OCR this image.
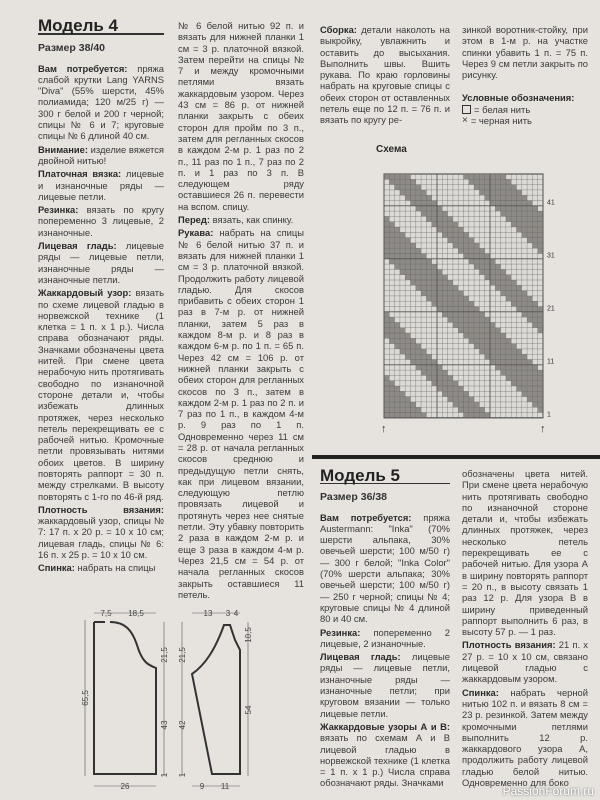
Модель 4
Размер 38/40

Вам потребуется: пряжа слабой крутки Lang YARNS "Diva" (55% шерсти, 45% полиамида; 120 м/25 г) — 300 г белой и 200 г черной; спицы № 6 и 7; круговые спицы № 6 длиной 40 см.

Внимание: изделие вяжется двойной нитью!

Платочная вязка: лицевые и изнаночные ряды — лицевые петли.

Резинка: вязать по кругу попеременно 3 лицевые, 2 изнаночные.

Лицевая гладь: лицевые ряды — лицевые петли, изнаночные ряды — изнаночные петли.

Жаккардовый узор: вязать по схеме лицевой гладью в норвежской технике (1 клетка = 1 п. x 1 р.). Числа справа обозначают ряды. Значками обозначены цвета нитей. При смене цвета нерабочую нить протягивать свободно по изнаночной стороне детали и, чтобы избежать длинных протяжек, через несколько петель перекрещивать ее с рабочей нитью. Кромочные петли провязывать нитями обоих цветов. В ширину повторять раппорт = 30 п. между стрелками. В высоту повторять с 1-го по 46-й ряд.

Плотность вязания: жаккардовый узор, спицы № 7: 17 п. x 20 р. = 10 x 10 см; лицевая гладь, спицы № 6: 16 п. x 25 р. = 10 x 10 см.

Спинка: набрать на спицы

№ 6 белой нитью 92 п. и вязать для нижней планки 1 см = 3 р. платочной вязкой. Затем перейти на спицы № 7 и между кромочными петлями вязать жаккардовым узором. Через 43 см = 86 р. от нижней планки закрыть с обеих сторон для пройм по 3 п., затем для регланных скосов в каждом 2-м р. 1 раз по 2 п., 11 раз по 1 п., 7 раз по 2 п. и 1 раз по 3 п. В следующем ряду оставшиеся 26 п. перевести на вспом. спицу.

Перед: вязать, как спинку.

Рукава: набрать на спицы № 6 белой нитью 37 п. и вязать для нижней планки 1 см = 3 р. платочной вязкой. Продолжить работу лицевой гладью. Для скосов прибавить с обеих сторон 1 раз в 7-м р. от нижней планки, затем 5 раз в каждом 8-м р. и 8 раз в каждом 6-м р. по 1 п. = 65 п. Через 42 см = 106 р. от нижней планки закрыть с обеих сторон для регланных скосов по 3 п., затем в каждом 2-м р. 1 раз по 2 п. и 7 раз по 1 п., в каждом 4-м р. 9 раз по 1 п. Одновременно через 11 см = 28 р. от начала регланных скосов среднюю и предыдущую петли снять, как при лицевом вязании, следующую петлю провязать лицевой и протянуть через нее снятые петли. Эту убавку повторить 2 раза в каждом 2-м р. и еще 3 раза в каждом 4-м р. Через 21,5 см = 54 р. от начала регланных скосов закрыть оставшиеся 11 петель.

Сборка: детали наколоть на выкройку, увлажнить и оставить до высыхания. Выполнить швы. Вшить рукава. По краю горловины набрать на круговые спицы с обеих сторон от оставленных петель еще по 12 п. = 76 п. и вязать по кругу ре-

зинкой воротник-стойку, при этом в 1-м р. на участке спинки убавить 1 п. = 75 п. Через 9 см петли закрыть по рисунку.

Условные обозначения:
= белая нить
× = черная нить
Схема
41
31
21
11
1
↑	↑
7,5 18,5
65,5
21,5
43
1
26
13 3 4
21,5
42
1
10,5
54
9 11
Модель 5
Размер 36/38

Вам потребуется: пряжа Austermann: "Inka" (70% шерсти альпака, 30% овечьей шерсти; 100 м/50 г) — 300 г белой; "Inka Color" (70% шерсти альпака; 30% овечьей шерсти; 100 м/50 г) — 250 г черной; спицы № 4; круговые спицы № 4 длиной 80 и 40 см.

Резинка: попеременно 2 лицевые, 2 изнаночные.

Лицевая гладь: лицевые ряды — лицевые петли, изнаночные ряды — изнаночные петли; при круговом вязании — только лицевые петли.

Жаккардовые узоры А и В: вязать по схемам А и В лицевой гладью в норвежской технике (1 клетка = 1 п. x 1 р.) Числа справа обозначают ряды. Значками

обозначены цвета нитей. При смене цвета нерабочую нить протягивать свободно по изнаночной стороне детали и, чтобы избежать длинных протяжек, через несколько петель перекрещивать ее с рабочей нитью. Для узора А в ширину повторять раппорт = 20 п., в высоту связать 1 раз 12 р. Для узора В в ширину приведенный раппорт выполнить 6 раз, в высоту 57 р. — 1 раз.

Плотность вязания: 21 п. x 27 р. = 10 x 10 см, связано лицевой гладью с жаккардовым узором.

Спинка: набрать черной нитью 102 п. и вязать 8 см = 23 р. резинкой. Затем между кромочными петлями выполнить 12 р. жаккардового узора А, продолжить работу лицевой гладью белой нитью. Одновременно для боко

PassionForum.ru
